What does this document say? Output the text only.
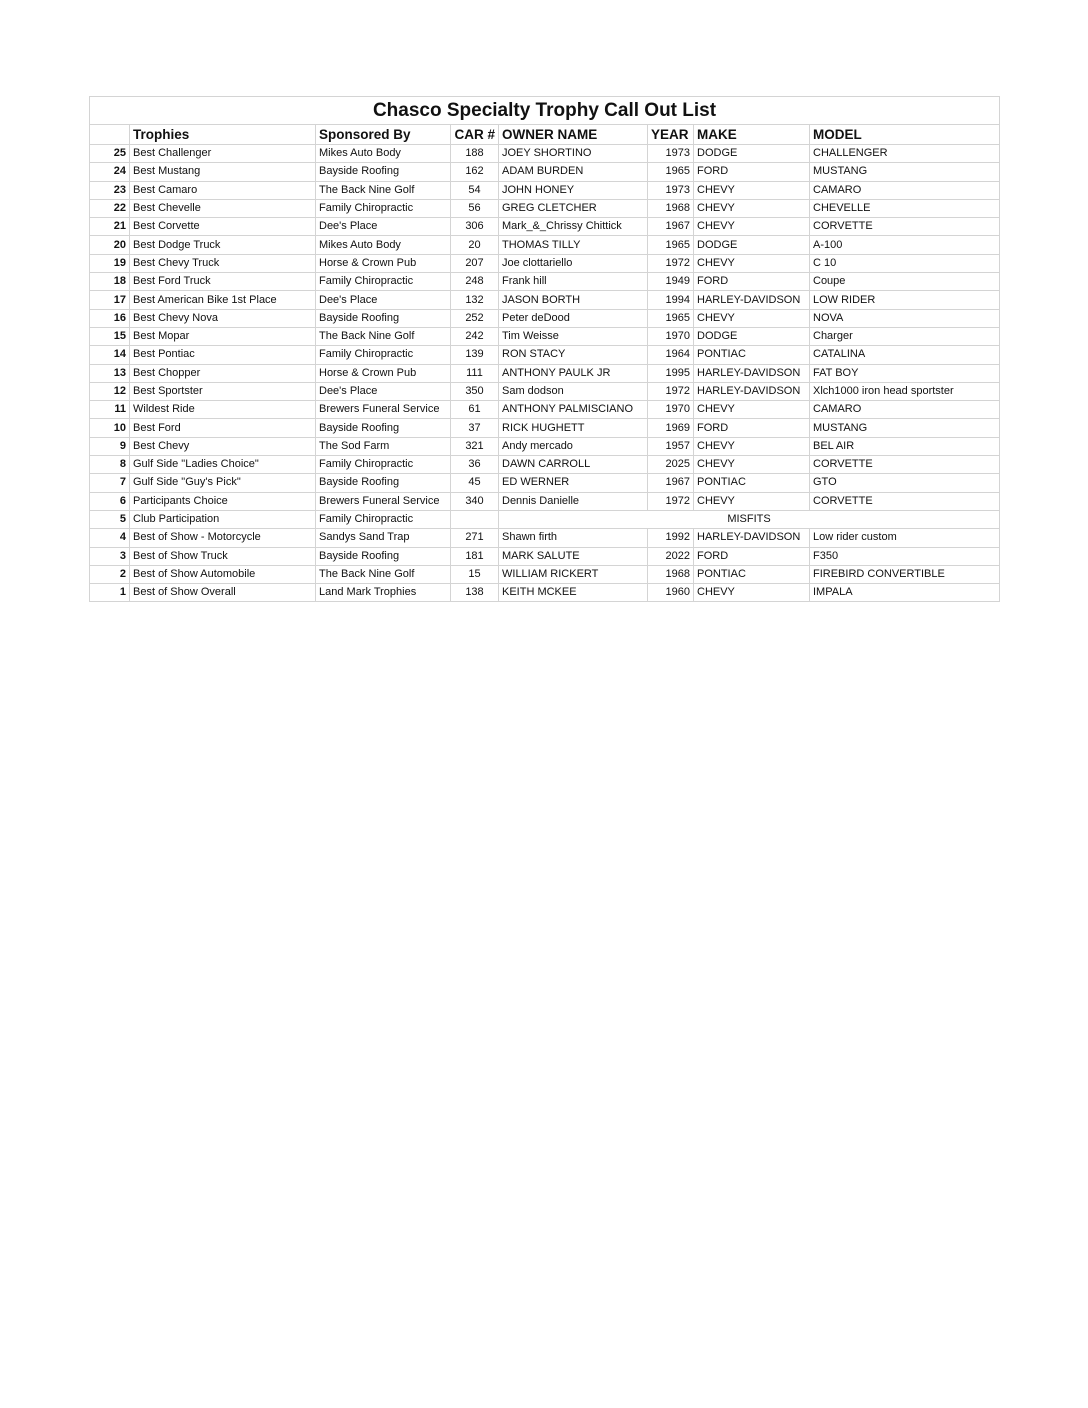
Chasco Specialty Trophy Call Out List							
	Trophies	Sponsored By	CAR #	OWNER NAME	YEAR	MAKE	MODEL
25	Best Challenger	Mikes Auto Body	188	JOEY SHORTINO	1973	DODGE	CHALLENGER
24	Best Mustang	Bayside Roofing	162	ADAM BURDEN	1965	FORD	MUSTANG
23	Best Camaro	The Back Nine Golf	54	JOHN HONEY	1973	CHEVY	CAMARO
22	Best Chevelle	Family Chiropractic	56	GREG CLETCHER	1968	CHEVY	CHEVELLE
21	Best Corvette	Dee's Place	306	Mark_&_Chrissy Chittick	1967	CHEVY	CORVETTE
20	Best Dodge Truck	Mikes Auto Body	20	THOMAS TILLY	1965	DODGE	A-100
19	Best Chevy Truck	Horse & Crown Pub	207	Joe clottariello	1972	CHEVY	C 10
18	Best Ford Truck	Family Chiropractic	248	Frank hill	1949	FORD	Coupe
17	Best American Bike 1st Place	Dee's Place	132	JASON BORTH	1994	HARLEY-DAVIDSON	LOW RIDER
16	Best Chevy Nova	Bayside Roofing	252	Peter deDood	1965	CHEVY	NOVA
15	Best Mopar	The Back Nine Golf	242	Tim Weisse	1970	DODGE	Charger
14	Best Pontiac	Family Chiropractic	139	RON STACY	1964	PONTIAC	CATALINA
13	Best Chopper	Horse & Crown Pub	111	ANTHONY PAULK JR	1995	HARLEY-DAVIDSON	FAT BOY
12	Best Sportster	Dee's Place	350	Sam dodson	1972	HARLEY-DAVIDSON	Xlch1000 iron head sportster
11	Wildest Ride	Brewers Funeral Service	61	ANTHONY PALMISCIANO	1970	CHEVY	CAMARO
10	Best Ford	Bayside Roofing	37	RICK HUGHETT	1969	FORD	MUSTANG
9	Best Chevy	The Sod Farm	321	Andy mercado	1957	CHEVY	BEL AIR
8	Gulf Side "Ladies Choice"	Family Chiropractic	36	DAWN CARROLL	2025	CHEVY	CORVETTE
7	Gulf Side "Guy's Pick"	Bayside Roofing	45	ED WERNER	1967	PONTIAC	GTO
6	Participants Choice	Brewers Funeral Service	340	Dennis Danielle	1972	CHEVY	CORVETTE
5	Club Participation	Family Chiropractic		MISFITS			
4	Best of Show - Motorcycle	Sandys Sand Trap	271	Shawn firth	1992	HARLEY-DAVIDSON	Low rider custom
3	Best of Show Truck	Bayside Roofing	181	MARK SALUTE	2022	FORD	F350
2	Best of Show Automobile	The Back Nine Golf	15	WILLIAM RICKERT	1968	PONTIAC	FIREBIRD CONVERTIBLE
1	Best of Show Overall	Land Mark Trophies	138	KEITH MCKEE	1960	CHEVY	IMPALA
